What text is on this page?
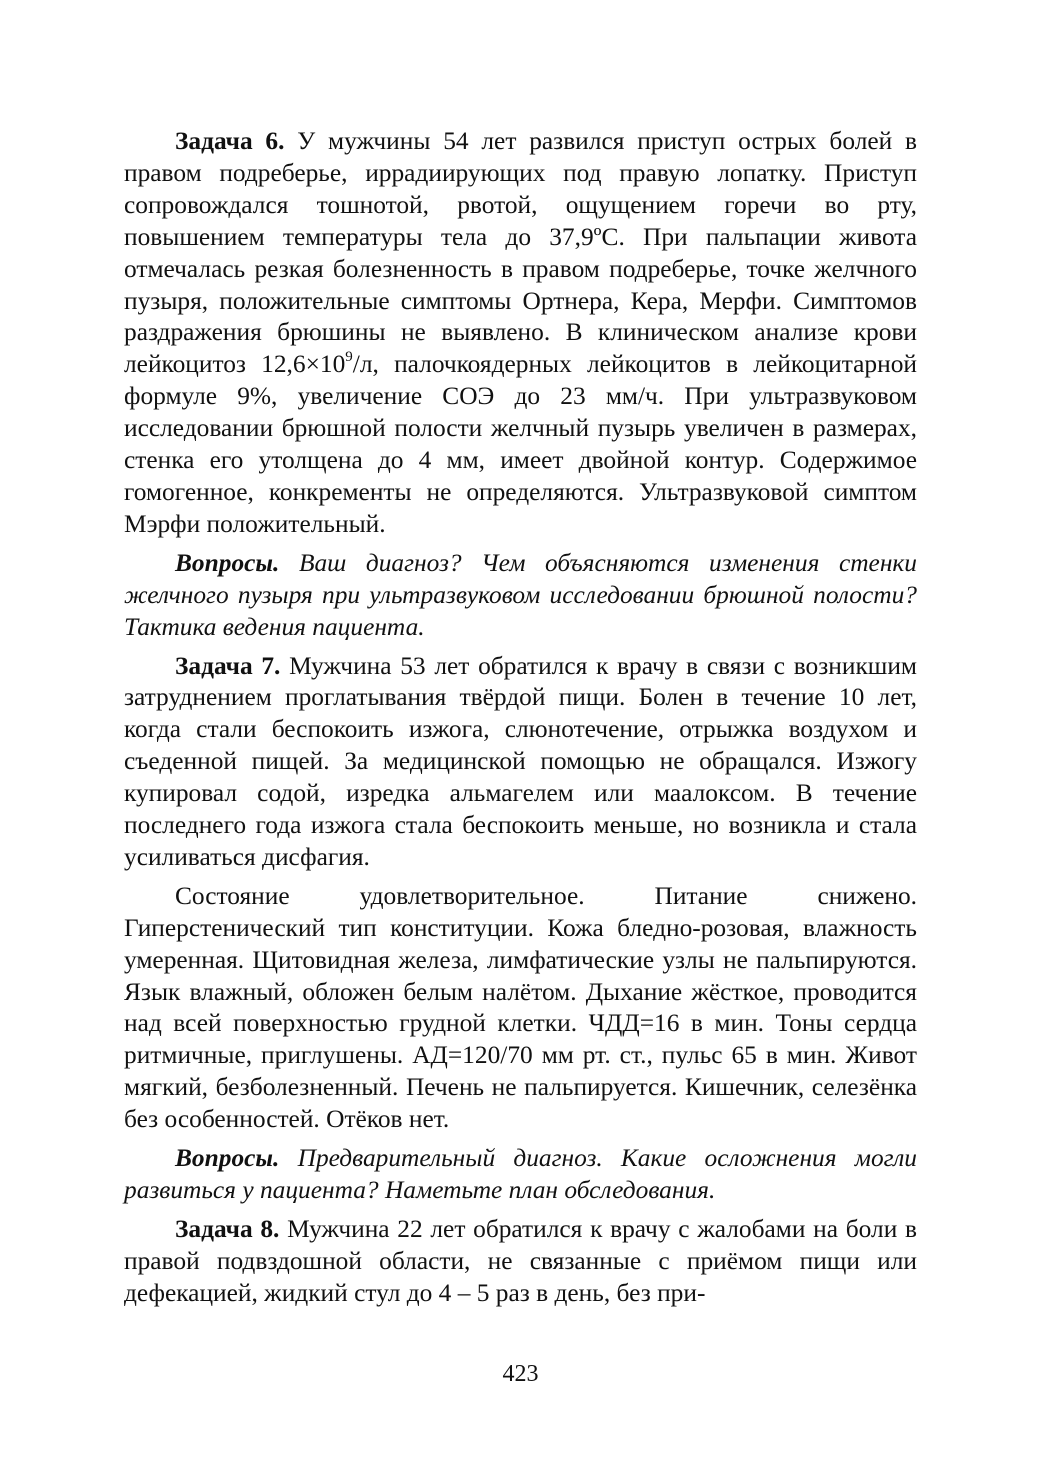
Задача 6. У мужчины 54 лет развился приступ острых болей в правом подреберье, иррадиирующих под правую лопатку. Приступ сопровождался тошнотой, рвотой, ощущением горечи во рту, повышением температуры тела до 37,9ºС. При пальпации живота отмечалась резкая болезненность в правом подреберье, точке желчного пузыря, положительные симптомы Ортнера, Кера, Мерфи. Симптомов раздражения брюшины не выявлено. В клиническом анализе крови лейкоцитоз $12,6\times 10^9/л$, палочкоядерных лейкоцитов в лейкоцитарной формуле 9%, увеличение СОЭ до 23 мм/ч. При ультразвуковом исследовании брюшной полости желчный пузырь увеличен в размерах, стенка его утолщена до 4 мм, имеет двойной контур. Содержимое гомогенное, конкременты не определяются. Ультразвуковой симптом Мэрфи положительный.

Вопросы. Ваш диагноз? Чем объясняются изменения стенки желчного пузыря при ультразвуковом исследовании брюшной полости? Тактика ведения пациента.

Задача 7. Мужчина 53 лет обратился к врачу в связи с возникшим затруднением проглатывания твёрдой пищи. Болен в течение 10 лет, когда стали беспокоить изжога, слюнотечение, отрыжка воздухом и съеденной пищей. За медицинской помощью не обращался. Изжогу купировал содой, изредка альмагелем или маалоксом. В течение последнего года изжога стала беспокоить меньше, но возникла и стала усиливаться дисфагия.

Состояние удовлетворительное. Питание снижено. Гиперстенический тип конституции. Кожа бледно-розовая, влажность умеренная. Щитовидная железа, лимфатические узлы не пальпируются. Язык влажный, обложен белым налётом. Дыхание жёсткое, проводится над всей поверхностью грудной клетки. ЧДД=16 в мин. Тоны сердца ритмичные, приглушены. АД=120/70 мм рт. ст., пульс 65 в мин. Живот мягкий, безболезненный. Печень не пальпируется. Кишечник, селезёнка без особенностей. Отёков нет.

Вопросы. Предварительный диагноз. Какие осложнения могли развиться у пациента? Наметьте план обследования.

Задача 8. Мужчина 22 лет обратился к врачу с жалобами на боли в правой подвздошной области, не связанные с приёмом пищи или дефекацией, жидкий стул до 4 – 5 раз в день, без при-

423
